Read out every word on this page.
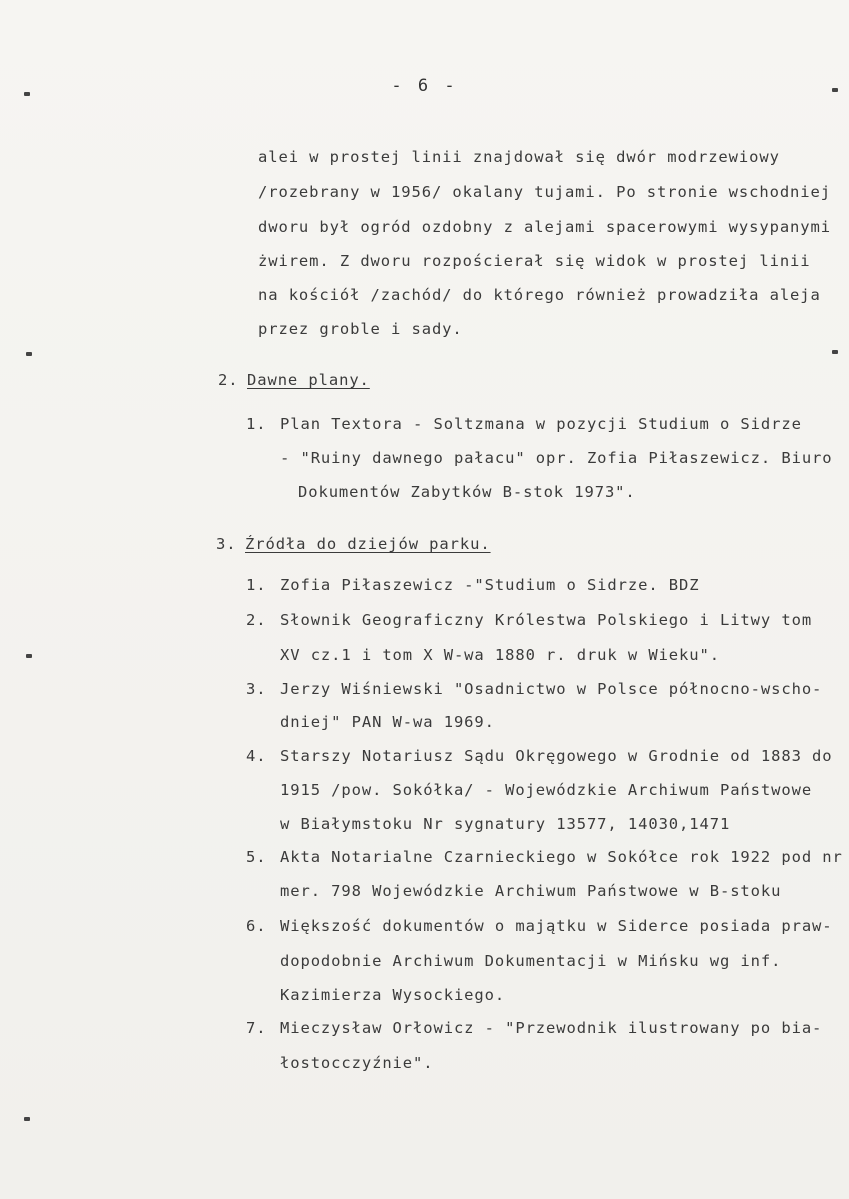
- 6 -
alei w prostej linii znajdował się dwór modrzewiowy
/rozebrany w 1956/ okalany tujami. Po stronie wschodniej
dworu był ogród ozdobny z alejami spacerowymi wysypanymi
żwirem. Z dworu rozpościerał się widok w prostej linii
na kościół /zachód/ do którego również prowadziła aleja
przez groble i sady.
2. Dawne plany.
1. Plan Textora - Soltzmana w pozycji Studium o Sidrze
- "Ruiny dawnego pałacu" opr. Zofia Piłaszewicz. Biuro
Dokumentów Zabytków B-stok 1973".
3. Źródła do dziejów parku.
1. Zofia Piłaszewicz -"Studium o Sidrze. BDZ
2. Słownik Geograficzny Królestwa Polskiego i Litwy tom
XV cz.1 i tom X W-wa 1880 r. druk w Wieku".
3. Jerzy Wiśniewski "Osadnictwo w Polsce północno-wscho-
dniej" PAN W-wa 1969.
4. Starszy Notariusz Sądu Okręgowego w Grodnie od 1883 do
1915 /pow. Sokółka/ - Wojewódzkie Archiwum Państwowe
w Białymstoku Nr sygnatury 13577, 14030,1471
5. Akta Notarialne Czarnieckiego w Sokółce rok 1922 pod nr
mer. 798 Wojewódzkie Archiwum Państwowe w B-stoku
6. Większość dokumentów o majątku w Siderce posiada praw-
dopodobnie Archiwum Dokumentacji w Mińsku wg inf.
Kazimierza Wysockiego.
7. Mieczysław Orłowicz - "Przewodnik ilustrowany po bia-
łostocczyźnie".
